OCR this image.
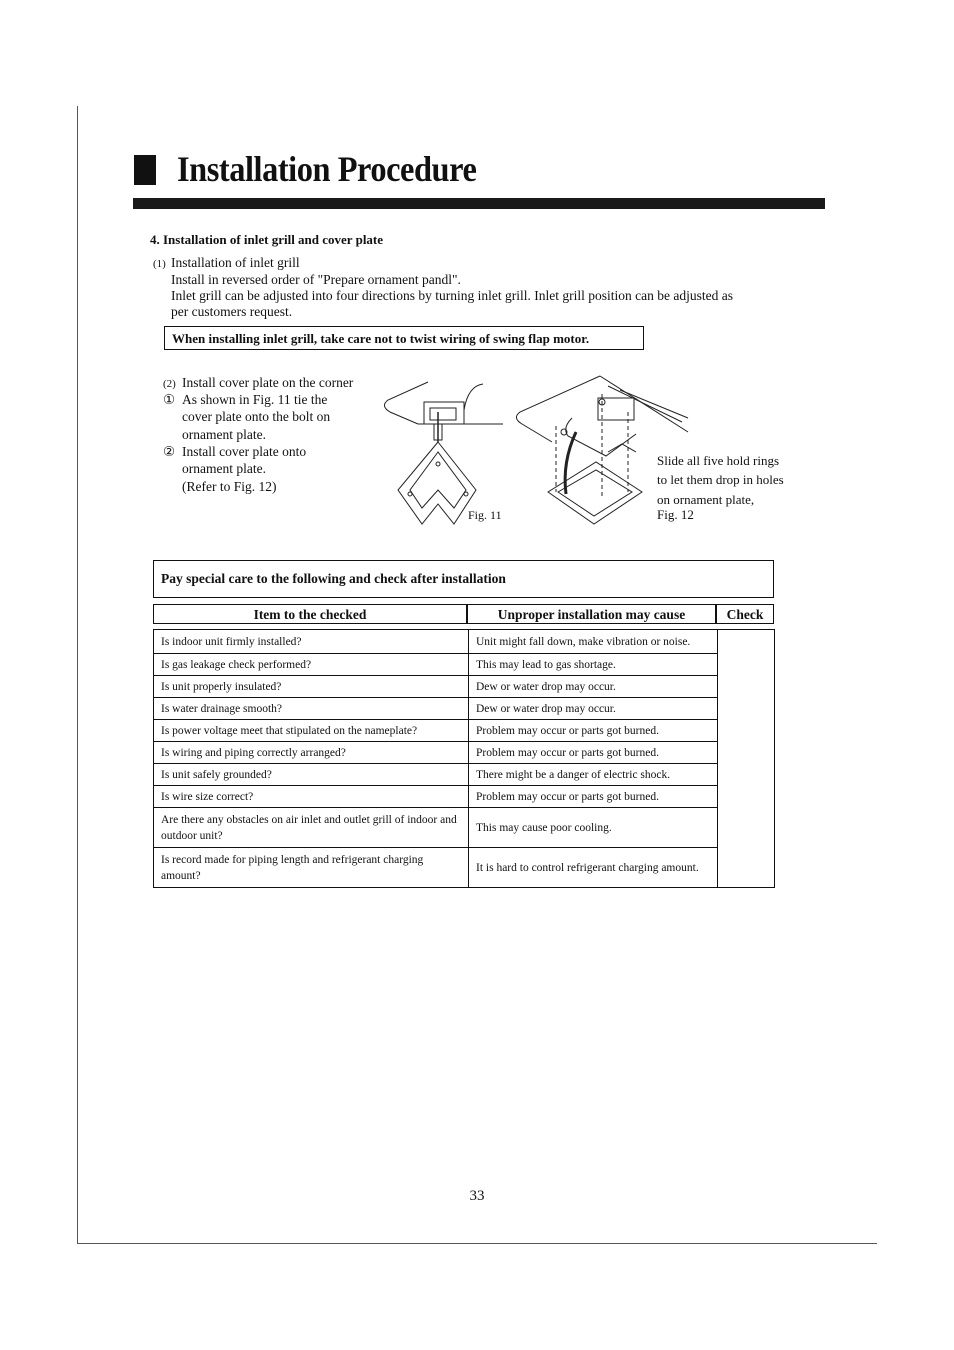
Installation Procedure
4. Installation of inlet grill and cover plate
(1) Installation of inlet grill
Install in reversed order of "Prepare ornament pandl".
Inlet grill can be adjusted into four directions by turning inlet grill. Inlet grill position can be adjusted as
per customers request.
When installing inlet grill, take care not to twist wiring of swing flap motor.
(2) Install cover plate on the corner
① As shown in Fig. 11 tie the
cover plate onto the bolt on
ornament plate.
② Install cover plate onto
ornament plate.
(Refer to Fig. 12)
Fig. 11	Fig. 12
Slide all five hold rings
to let them drop in holes
on ornament plate,
Pay special care to the following and check after installation
Item to the checked	Unproper installation may cause	Check
Is indoor unit firmly installed?	Unit might fall down, make vibration or noise.	
Is gas leakage check performed?	This may lead to gas shortage.	
Is unit properly insulated?	Dew or water drop may occur.	
Is water drainage smooth?	Dew or water drop may occur.	
Is power voltage meet that stipulated on the nameplate?	Problem may occur or parts got burned.	
Is wiring and piping correctly arranged?	Problem may occur or parts got burned.	
Is unit safely grounded?	There might be a danger of electric shock.	
Is wire size correct?	Problem may occur or parts got burned.	
Are there any obstacles on air inlet and outlet grill of indoor and outdoor unit?	This may cause poor cooling.	
Is record made for piping length and refrigerant charging amount?	It is hard to control refrigerant charging amount.	
33
